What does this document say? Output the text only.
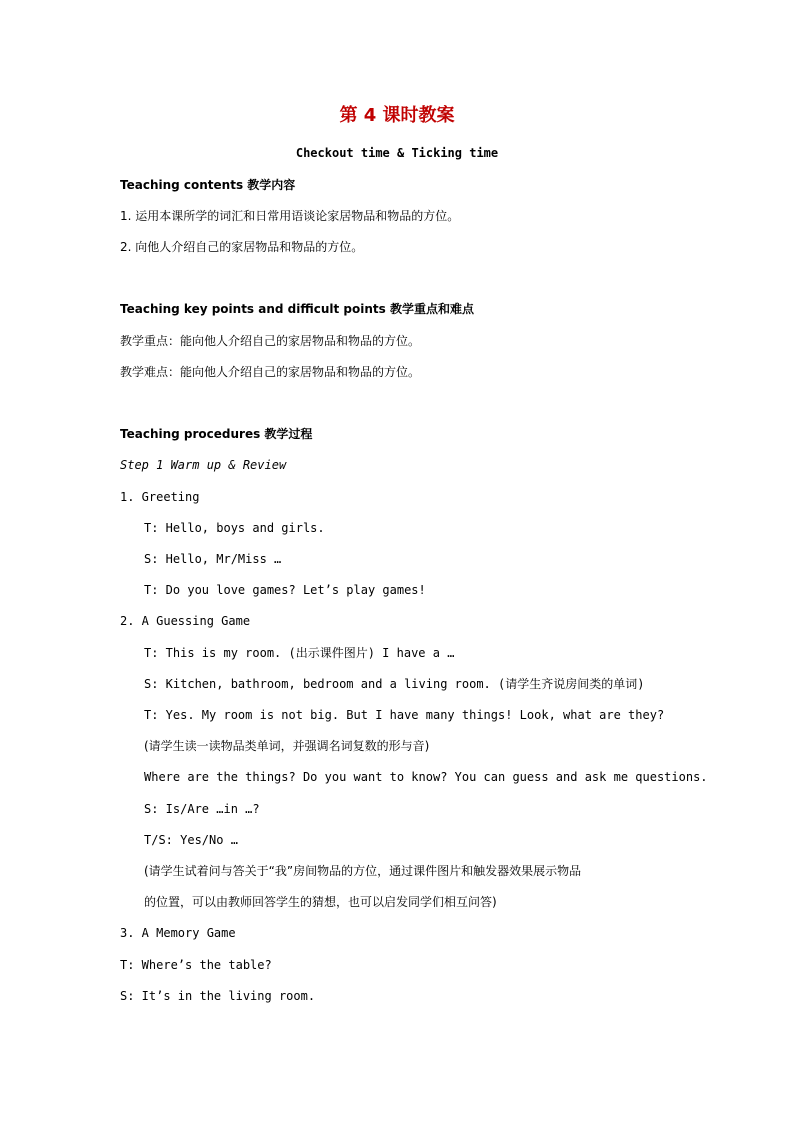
第 4 课时教案
Checkout time & Ticking time
Teaching contents 教学内容
1. 运用本课所学的词汇和日常用语谈论家居物品和物品的方位。
2. 向他人介绍自己的家居物品和物品的方位。
Teaching key points and difficult points 教学重点和难点
教学重点：能向他人介绍自己的家居物品和物品的方位。
教学难点：能向他人介绍自己的家居物品和物品的方位。
Teaching procedures 教学过程
Step 1 Warm up & Review
1. Greeting
T: Hello, boys and girls.
S: Hello, Mr/Miss …
T: Do you love games? Let’s play games!
2. A Guessing Game
T: This is my room. (出示课件图片) I have a …
S: Kitchen, bathroom, bedroom and a living room. (请学生齐说房间类的单词)
T: Yes. My room is not big. But I have many things! Look, what are they?
(请学生读一读物品类单词，并强调名词复数的形与音)
Where are the things? Do you want to know? You can guess and ask me questions.
S: Is/Are …in …?
T/S: Yes/No …
(请学生试着问与答关于“我”房间物品的方位，通过课件图片和触发器效果展示物品
的位置，可以由教师回答学生的猜想，也可以启发同学们相互问答)
3. A Memory Game
T: Where’s the table?
S: It’s in the living room.
